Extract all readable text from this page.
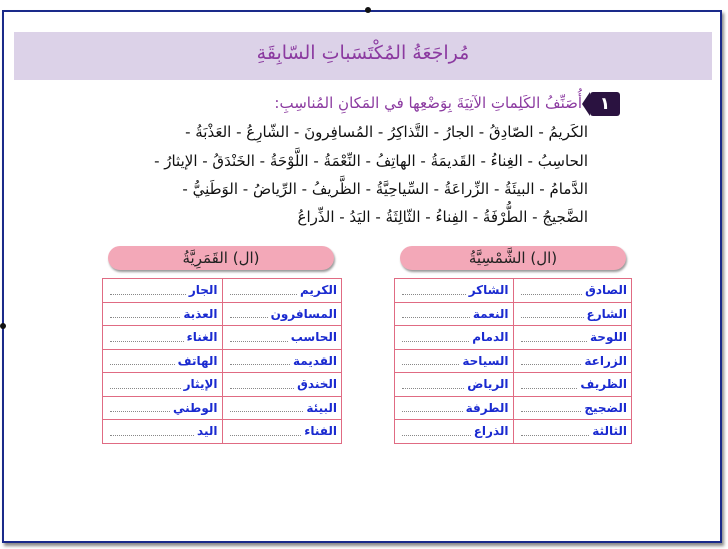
مُراجَعَةُ المُكْتَسَباتِ السّابِقَةِ
١
أُصَنِّفُ الكَلِماتِ الآتِيَةَ بِوَضْعِها في المَكانِ المُناسِبِ:
الكَريمُ - الصّادِقُ - الجارُ - التَّذاكِرُ - المُسافِرونَ - الشّارِعُ - العَذْبَةُ -
الحاسِبُ - الغِناءُ - القَديمَةُ - الهاتِفُ - النِّعْمَةُ - اللَّوْحَةُ - الخَنْدَقُ - الإيثارُ -
الدَّمامُ - البيئَةُ - الزِّراعَةُ - السِّياحِيَّةُ - الظَّريفُ - الرِّياضُ - الوَطَنِيُّ -
الضَّجيجُ - الطُّرْفَةُ - الفِناءُ - الثّالِثَةُ - اليَدُ - الذِّراعُ
(ال) الشَّمْسِيَّةُ
(ال) القَمَرِيَّةُ
الصادق	الشاكر

الشارع	النعمة

اللوحة	الدمام

الزراعة	السياحة

الظريف	الرياض

الضجيج	الطرفة

الثالثة	الذراع
الكريم	الجار

المسافرون	العذبة

الحاسب	الغناء

القديمة	الهاتف

الخندق	الإيثار

البيئة	الوطني

الفناء	اليد
